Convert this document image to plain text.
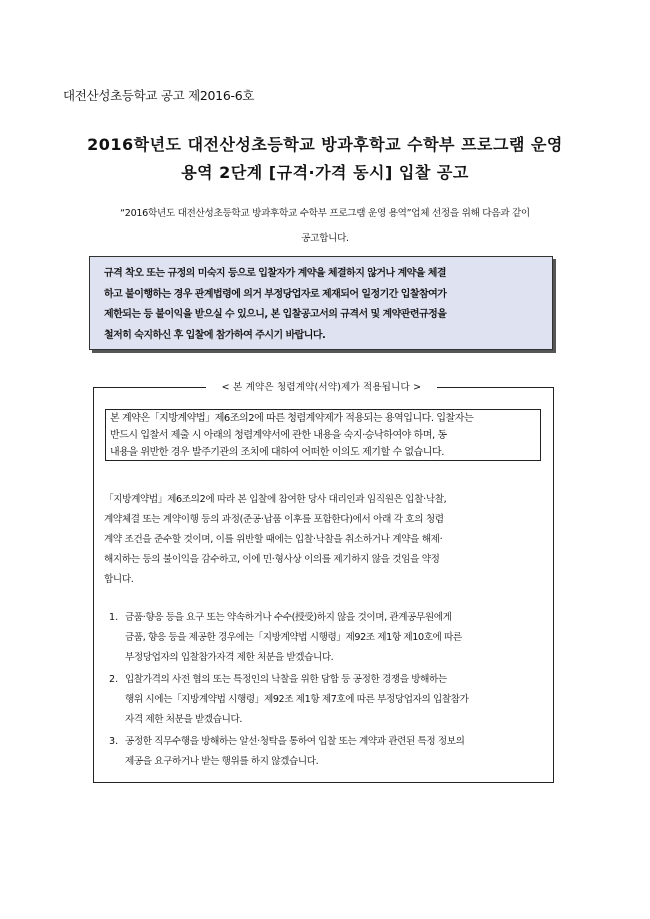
대전산성초등학교 공고 제2016-6호
2016학년도 대전산성초등학교 방과후학교 수학부 프로그램 운영
용역 2단계 [규격·가격 동시] 입찰 공고
“2016학년도 대전산성초등학교 방과후학교 수학부 프로그램 운영 용역”업체 선정을 위해 다음과 같이
공고합니다.
규격 착오 또는 규정의 미숙지 등으로 입찰자가 계약을 체결하지 않거나 계약을 체결
하고 불이행하는 경우 관계법령에 의거 부정당업자로 제재되어 일정기간 입찰참여가
제한되는 등 불이익을 받으실 수 있으니, 본 입찰공고서의 규격서 및 계약관련규정을
철저히 숙지하신 후 입찰에 참가하여 주시기 바랍니다.
< 본 계약은 청렴계약(서약)제가 적용됩니다 >
본 계약은「지방계약법」제6조의2에 따른 청렴계약제가 적용되는 용역입니다. 입찰자는
반드시 입찰서 제출 시 아래의 청렴계약서에 관한 내용을 숙지·승낙하여야 하며, 동
내용을 위반한 경우 발주기관의 조치에 대하여 어떠한 이의도 제기할 수 없습니다.
「지방계약법」제6조의2에 따라 본 입찰에 참여한 당사 대리인과 임직원은 입찰·낙찰,
계약체결 또는 계약이행 등의 과정(준공·납품 이후를 포함한다)에서 아래 각 호의 청렴
계약 조건을 준수할 것이며, 이를 위반할 때에는 입찰·낙찰을 취소하거나 계약을 해제·
해지하는 등의 불이익을 감수하고, 이에 민·형사상 이의를 제기하지 않을 것임을 약정
합니다.
1. 금품·향응 등을 요구 또는 약속하거나 수수(授受)하지 않을 것이며, 관계공무원에게
금품, 향응 등을 제공한 경우에는「지방계약법 시행령」제92조 제1항 제10호에 따른
부정당업자의 입찰참가자격 제한 처분을 받겠습니다.
2. 입찰가격의 사전 협의 또는 특정인의 낙찰을 위한 담합 등 공정한 경쟁을 방해하는
행위 시에는「지방계약법 시행령」제92조 제1항 제7호에 따른 부정당업자의 입찰참가
자격 제한 처분을 받겠습니다.
3. 공정한 직무수행을 방해하는 알선·청탁을 통하여 입찰 또는 계약과 관련된 특정 정보의
제공을 요구하거나 받는 행위를 하지 않겠습니다.
